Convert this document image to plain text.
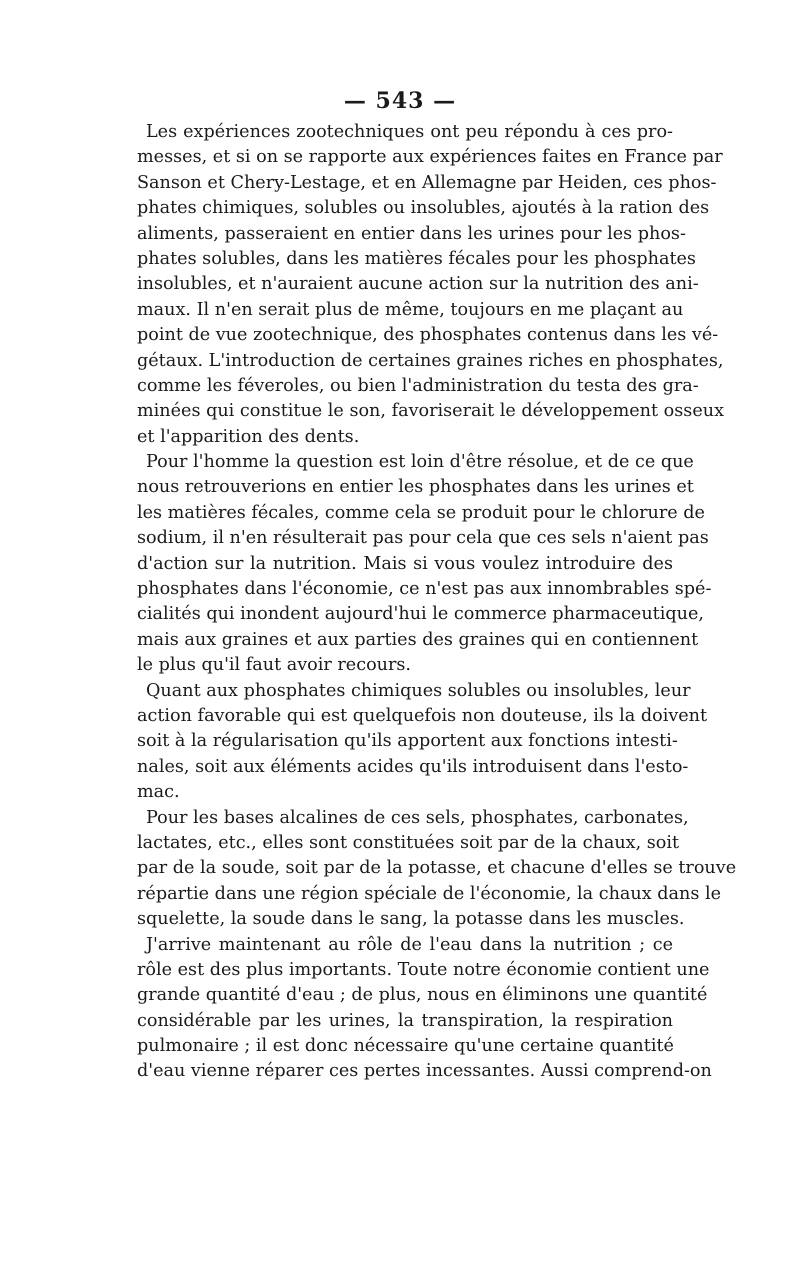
— 543 —
Les expériences zootechniques ont peu répondu à ces pro-
messes, et si on se rapporte aux expériences faites en France par
Sanson et Chery-Lestage, et en Allemagne par Heiden, ces phos-
phates chimiques, solubles ou insolubles, ajoutés à la ration des
aliments, passeraient en entier dans les urines pour les phos-
phates solubles, dans les matières fécales pour les phosphates
insolubles, et n'auraient aucune action sur la nutrition des ani-
maux. Il n'en serait plus de même, toujours en me plaçant au
point de vue zootechnique, des phosphates contenus dans les vé-
gétaux. L'introduction de certaines graines riches en phosphates,
comme les féveroles, ou bien l'administration du testa des gra-
minées qui constitue le son, favoriserait le développement osseux
et l'apparition des dents.
Pour l'homme la question est loin d'être résolue, et de ce que
nous retrouverions en entier les phosphates dans les urines et
les matières fécales, comme cela se produit pour le chlorure de
sodium, il n'en résulterait pas pour cela que ces sels n'aient pas
d'action sur la nutrition. Mais si vous voulez introduire des
phosphates dans l'économie, ce n'est pas aux innombrables spé-
cialités qui inondent aujourd'hui le commerce pharmaceutique,
mais aux graines et aux parties des graines qui en contiennent
le plus qu'il faut avoir recours.
Quant aux phosphates chimiques solubles ou insolubles, leur
action favorable qui est quelquefois non douteuse, ils la doivent
soit à la régularisation qu'ils apportent aux fonctions intesti-
nales, soit aux éléments acides qu'ils introduisent dans l'esto-
mac.
Pour les bases alcalines de ces sels, phosphates, carbonates,
lactates, etc., elles sont constituées soit par de la chaux, soit
par de la soude, soit par de la potasse, et chacune d'elles se trouve
répartie dans une région spéciale de l'économie, la chaux dans le
squelette, la soude dans le sang, la potasse dans les muscles.
J'arrive maintenant au rôle de l'eau dans la nutrition ; ce
rôle est des plus importants. Toute notre économie contient une
grande quantité d'eau ; de plus, nous en éliminons une quantité
considérable par les urines, la transpiration, la respiration
pulmonaire ; il est donc nécessaire qu'une certaine quantité
d'eau vienne réparer ces pertes incessantes. Aussi comprend-on
